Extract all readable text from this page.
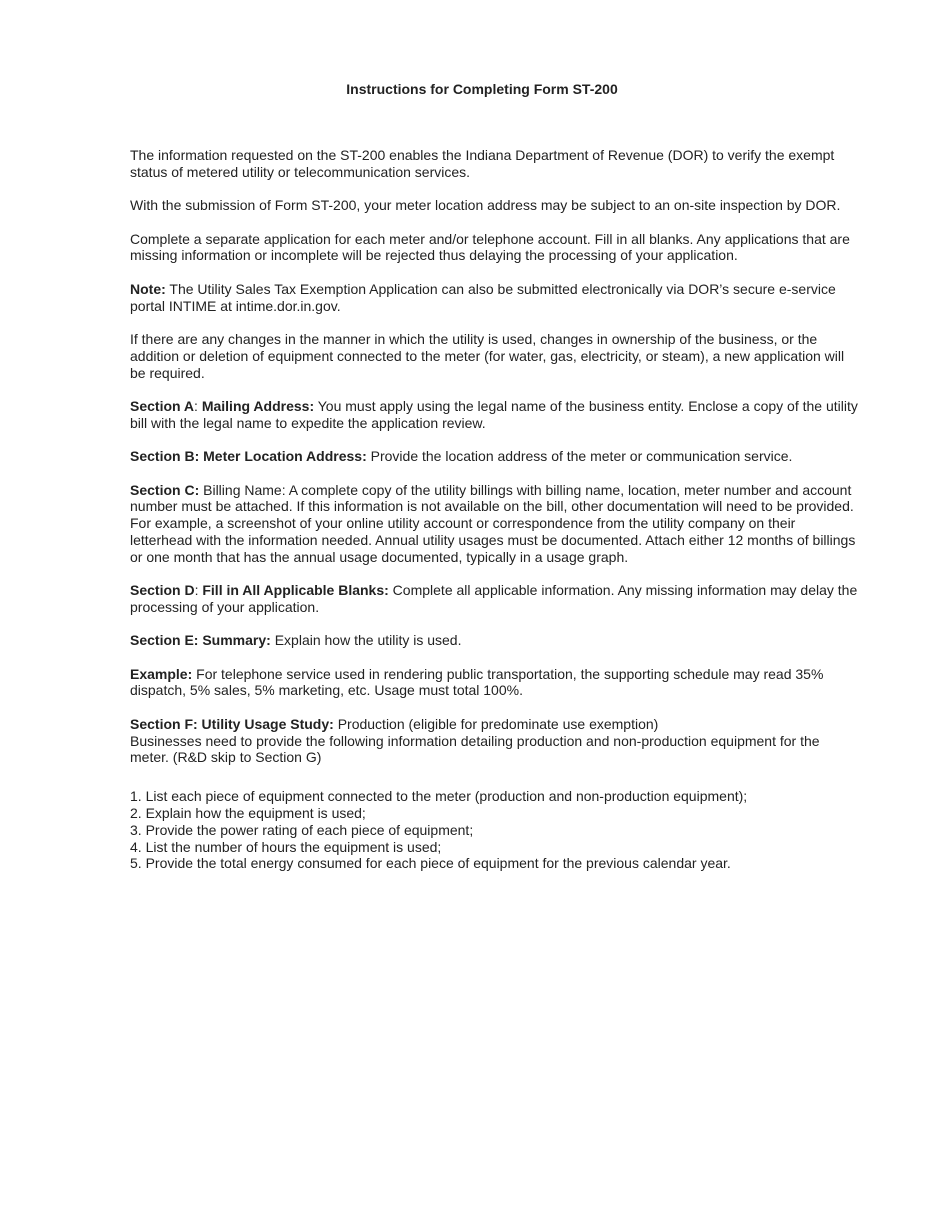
Instructions for Completing Form ST-200

The information requested on the ST-200 enables the Indiana Department of Revenue (DOR) to verify the exempt status of metered utility or telecommunication services.

With the submission of Form ST-200, your meter location address may be subject to an on-site inspection by DOR.

Complete a separate application for each meter and/or telephone account. Fill in all blanks. Any applications that are missing information or incomplete will be rejected thus delaying the processing of your application.

Note: The Utility Sales Tax Exemption Application can also be submitted electronically via DOR’s secure e-service portal INTIME at intime.dor.in.gov.

If there are any changes in the manner in which the utility is used, changes in ownership of the business, or the addition or deletion of equipment connected to the meter (for water, gas, electricity, or steam), a new application will be required.

Section A: Mailing Address: You must apply using the legal name of the business entity. Enclose a copy of the utility bill with the legal name to expedite the application review.

Section B: Meter Location Address: Provide the location address of the meter or communication service.

Section C: Billing Name: A complete copy of the utility billings with billing name, location, meter number and account number must be attached. If this information is not available on the bill, other documentation will need to be provided. For example, a screenshot of your online utility account or correspondence from the utility company on their letterhead with the information needed. Annual utility usages must be documented. Attach either 12 months of billings or one month that has the annual usage documented, typically in a usage graph.

Section D: Fill in All Applicable Blanks: Complete all applicable information. Any missing information may delay the processing of your application.

Section E: Summary: Explain how the utility is used.

Example: For telephone service used in rendering public transportation, the supporting schedule may read 35% dispatch, 5% sales, 5% marketing, etc. Usage must total 100%.

Section F: Utility Usage Study: Production (eligible for predominate use exemption)
Businesses need to provide the following information detailing production and non-production equipment for the meter. (R&D skip to Section G)

1. List each piece of equipment connected to the meter (production and non-production equipment);
2. Explain how the equipment is used;
3. Provide the power rating of each piece of equipment;
4. List the number of hours the equipment is used;
5. Provide the total energy consumed for each piece of equipment for the previous calendar year.
